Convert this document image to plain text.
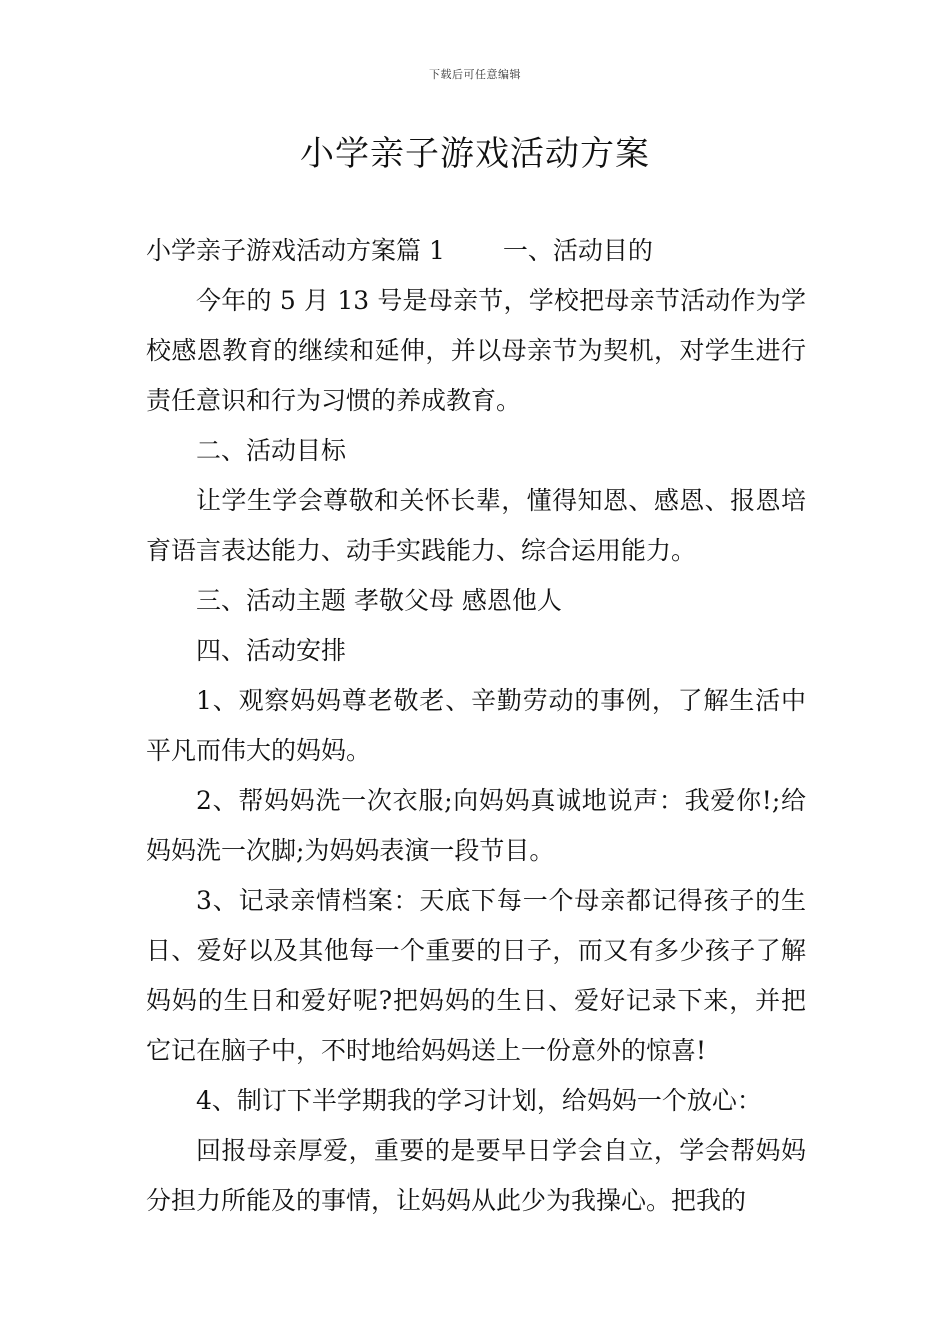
下载后可任意编辑
小学亲子游戏活动方案

小学亲子游戏活动方案篇 1 一、活动目的

今年的 5 月 13 号是母亲节，学校把母亲节活动作为学校感恩教育的继续和延伸，并以母亲节为契机，对学生进行责任意识和行为习惯的养成教育。

二、活动目标

让学生学会尊敬和关怀长辈，懂得知恩、感恩、报恩培育语言表达能力、动手实践能力、综合运用能力。

三、活动主题 孝敬父母 感恩他人

四、活动安排

1、观察妈妈尊老敬老、辛勤劳动的事例，了解生活中平凡而伟大的妈妈。

2、帮妈妈洗一次衣服;向妈妈真诚地说声：我爱你!;给妈妈洗一次脚;为妈妈表演一段节目。

3、记录亲情档案：天底下每一个母亲都记得孩子的生日、爱好以及其他每一个重要的日子，而又有多少孩子了解妈妈的生日和爱好呢?把妈妈的生日、爱好记录下来，并把它记在脑子中，不时地给妈妈送上一份意外的惊喜!

4、制订下半学期我的学习计划，给妈妈一个放心：

回报母亲厚爱，重要的是要早日学会自立，学会帮妈妈分担力所能及的事情，让妈妈从此少为我操心。把我的
